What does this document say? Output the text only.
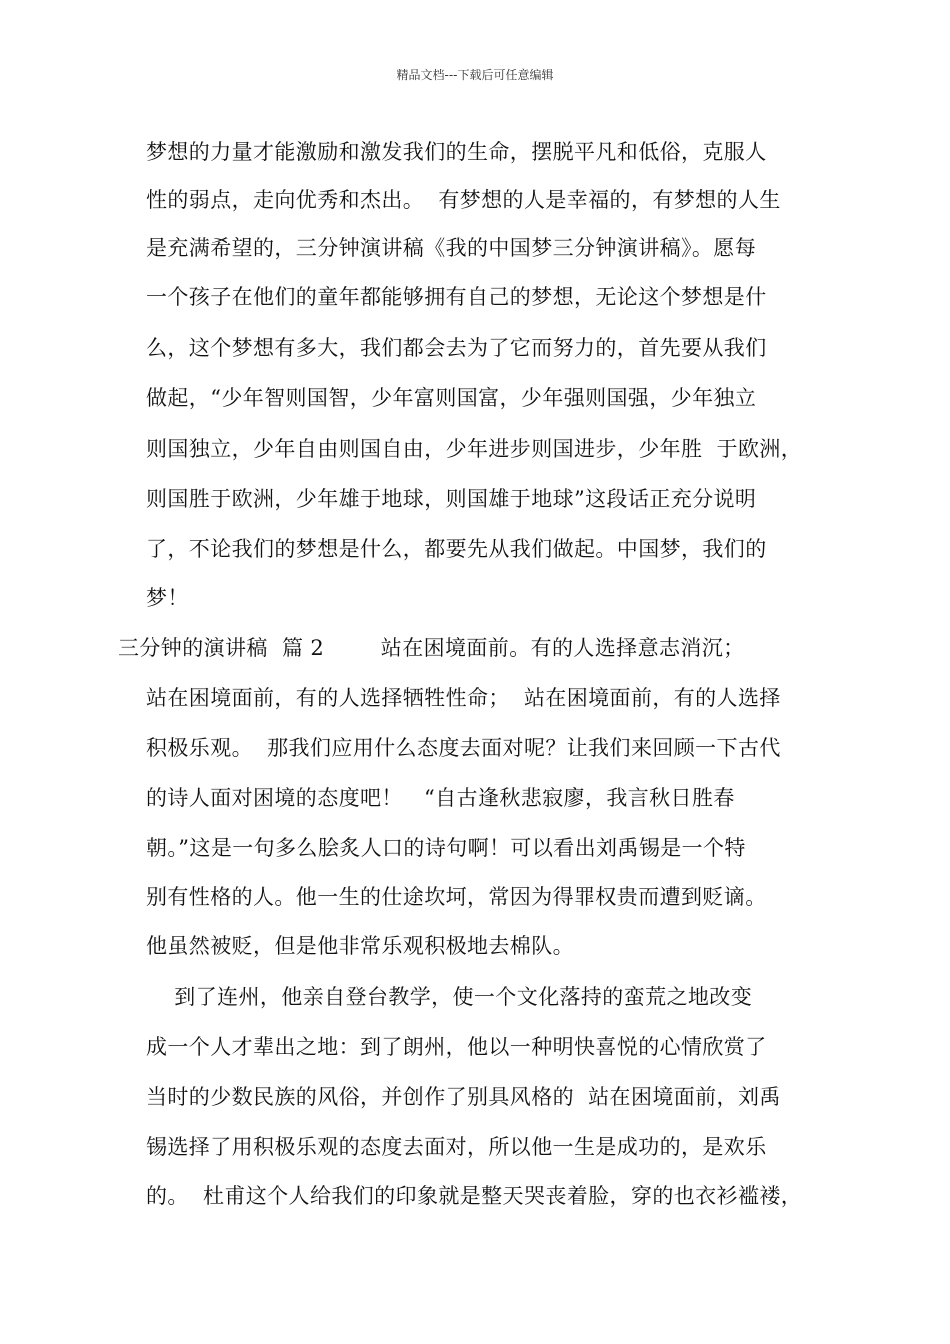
精品文档---下载后可任意编辑
梦想的力量才能激励和激发我们的生命，摆脱平凡和低俗，克服人
性的弱点，走向优秀和杰出。  有梦想的人是幸福的，有梦想的人生
是充满希望的，三分钟演讲稿《我的中国梦三分钟演讲稿》。愿每
一个孩子在他们的童年都能够拥有自己的梦想，无论这个梦想是什
么，这个梦想有多大，我们都会去为了它而努力的，首先要从我们
做起，“少年智则国智，少年富则国富，少年强则国强，少年独立
则国独立，少年自由则国自由，少年进步则国进步，少年胜  于欧洲，
则国胜于欧洲，少年雄于地球，则国雄于地球”这段话正充分说明
了，不论我们的梦想是什么，都要先从我们做起。中国梦，我们的
梦！
三分钟的演讲稿  篇 2        站在困境面前。有的人选择意志消沉；
站在困境面前，有的人选择牺牲性命；  站在困境面前，有的人选择
积极乐观。  那我们应用什么态度去面对呢？让我们来回顾一下古代
的诗人面对困境的态度吧！   “自古逢秋悲寂廖，我言秋日胜春
朝。”这是一句多么脍炙人口的诗句啊！可以看出刘禹锡是一个特
别有性格的人。他一生的仕途坎坷，常因为得罪权贵而遭到贬谪。
他虽然被贬，但是他非常乐观积极地去棉队。
到了连州，他亲自登台教学，使一个文化落持的蛮荒之地改变
成一个人才辈出之地：到了朗州，他以一种明快喜悦的心情欣赏了
当时的少数民族的风俗，并创作了别具风格的  站在困境面前，刘禹
锡选择了用积极乐观的态度去面对，所以他一生是成功的，是欢乐
的。  杜甫这个人给我们的印象就是整天哭丧着脸，穿的也衣衫褴褛，
